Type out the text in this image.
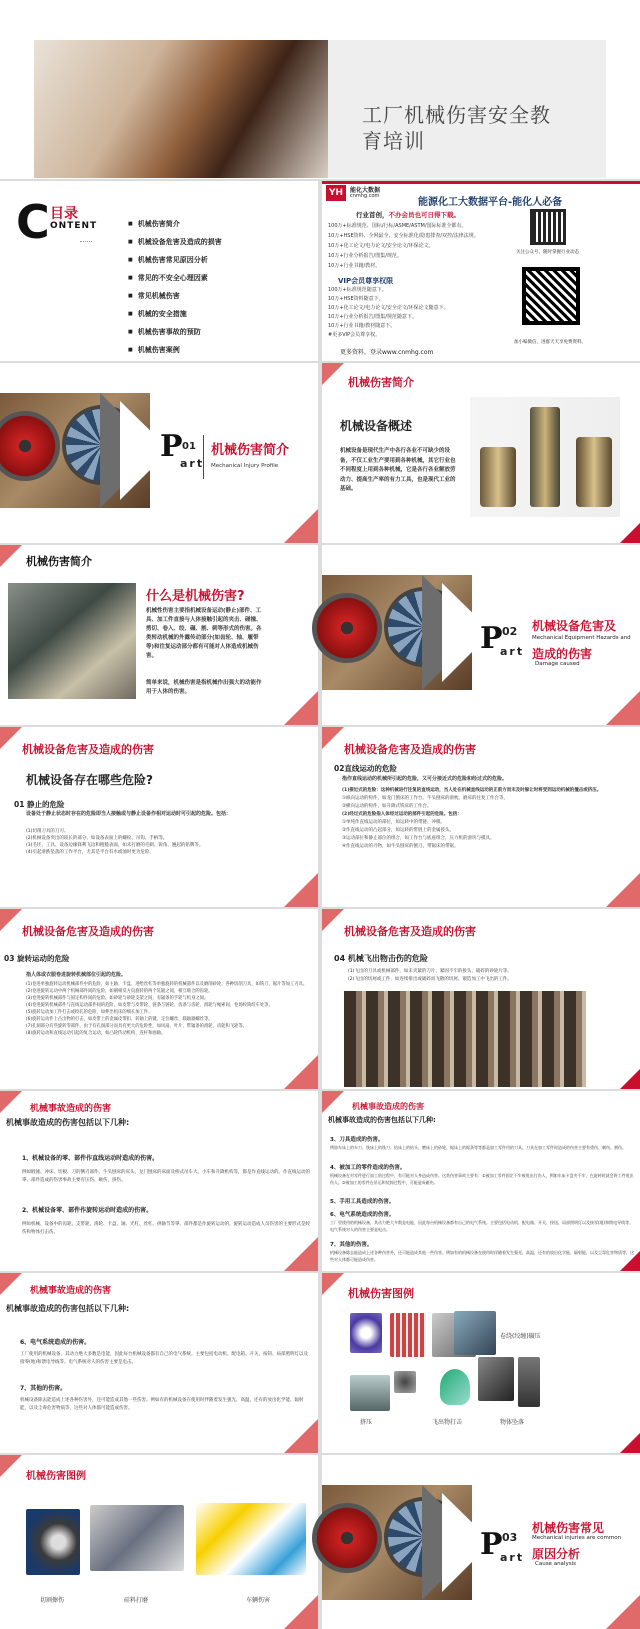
工厂机械伤害安全教育培训
C 目录
ONTENT
■	机械伤害简介
■ 机械设备危害及造成的损害
■ 机械伤害常见原因分析
■ 常见的不安全心理因素
■ 常见机械伤害
■ 机械的安全措施
■ 机械伤害事故的预防
■ 机械伤害案例
■
YH	能化大数据
cnmhg.com
能源化工大数据平台-能化人必备
行业首创，不办会员也可日得下载。
100万+标准规范、国标/行标/ASME/ASTM/国际标准全都有。
10万+HSE资料、全网最全、安全标准化/隐患排查/双控/法律法规。
10万+化工论文/电力论文/安全论文/环保论文。
10万+行业分析报告/图集/规范。
10万+行业书籍/教材。
VIP会员尊享权限
100万+标准规范随意下。
10万+HSE资料随意下。
10万+化工论文/电力论文/安全论文/环保论文随意下。
10万+行业分析报告/图集/规范随意下。
10万+行业书籍/教材随意下。
#更多VIP会员尊享权。
更多资料，登录www.cnmhg.com
关注公众号，随时掌握行业动态
加小编微信，进群天天享免费资料。
P 01
art
机械伤害简介
Mechanical Injury Profile
机械伤害简介
机械设备概述
机械设备是现代生产中各行各业不可缺少的设备，不仅工业生产要用到各种机械，其它行业也不同程度上用到各种机械，它是各行各业解放劳动力、提高生产率的有力工具，也是现代工业的基础。
机械伤害简介
什么是机械伤害?
机械性伤害主要指机械设备运动(静止)部件、工具、加工件直接与人体接触引起的夹击、碰撞、剪切、卷入、绞、碾、割、刺等形式的伤害。各类转动机械的外露传动部分(如齿轮、轴、履带等)和往复运动部分都有可能对人体造成机械伤害。
简单来说，机械伤害是指机械作出强大的动能作用于人体的伤害。
P 02
art
机械设备危害及
Mechanical Equipment Hazards and
造成的伤害
Damage caused
机械设备危害及造成的伤害
机械设备存在哪些危险?
01 静止的危险
设备处于静止状态时存在的危险即当人接触或与静止设备作相对运动时可引起的危险。包括：
(1)切削刀具的刀刃。
(2)机械设备突出的较长的部分，如设备表面上的螺栓、吊钩、手柄等。
(3)毛坯、工具、设备边缘锋利飞边和粗糙表面，如未打磨的毛刺、锐角、翘起的铭牌等。
(4)引起滑跌坠落的工作平台，尤其是平台有水或油时更为危险。
机械设备危害及造成的伤害
02直线运动的危险
指作直线运动的机械所引起的危险，又可分接近式的危险和经过式的危险。
(1)接近式的危险：这种机械进行往复的直线运动，当人处在机械直线运动的正前方而未及时躲让时将受到运动机械的撞击或挤压。
①纵向运动的构件，如龙门刨床的工作台、牛头刨床的滑枕、磨床的往复工作台等。
②横向运动的构件，如升降式铣床的工作台。
(2)经过式的危险指人体经过运动的部件引起的危险。包括：
①单纯作直线运动的部位，如运转中的带链、冲模。
②作直线运动的凸起部分，如运转的带链上的金属接头。
③运动部位和静止部位的组合，如工作台与底座组合，压力机的滑块与模具。
④作直线运动的刃物，如牛头刨床的刨刀、带锯床的带锯。
机械设备危害及造成的伤害
03 旋转运动的危险
指人体或衣服卷进旋转机械部位引起的危险。
(1)卷进单独旋转运动机械部件中的危险，如主轴、卡盘、进给丝杠等单独旋转的机械部件以及磨削砂轮、各种切削刀具，如铣刀、锯片等加工刃具。
(2)卷进旋转运动中两个机械部件间的危险，如朝相反方向旋转的两个轧辊之间，相互啮合的齿轮。
(3)卷进旋转机械部件与固定构件间的危险，如砂轮与砂轮支架之间，有辐条的手轮与机身之间。
(4)卷进旋转机械部件与直线运动部件间的危险，如皮带与皮带轮、链条与链轮、齿条与齿轮、滑轮与绳索间、卷场绞筒绞车处等。
(5)旋转运动加工件打击或绞轧的危险，如伸出机床的细长加工件。
(6)旋转运动件上凸出物的打击，如皮带上的金属皮带扣、转轴上的键、定位螺丝、联轴器螺丝等。
(7)孔洞部分有些旋转零部件，由于有孔洞部分而具有更大的危险性，如风扇、叶片、带辐条的滑轮、齿轮和飞轮等。
(8)旋转运动和直线运动引起的复合运动，如凸轮传动机构、连杆和曲轴。
机械设备危害及造成的伤害
04 机械飞出物击伤的危险
(1)飞出的刀具或机械部件，如未夹紧的刀片、紧固不牢的接头、破碎的砂轮片等。
(2)飞出的切屑或工件，如连续排出或破碎而飞散的切屑、锻造加工中飞出的工件。
机械事故造成的伤害
机械事故造成的伤害包括以下几种:
1、机械设备的零、部件作直线运动时造成的伤害。
例如锻锤、冲床、切板、刀的侧刃部件、牛头刨床的床头、龙门刨床的床面及桥式吊车大、小车和升降机构等，都是作直线运动的。作直线运动的零、部件造成的伤害事故主要有压伤、砸伤、挤伤。
2、机械设备零、部件作旋转运动时造成的伤害。
例如机械、设备中的齿轮、支带轮、滑轮、卡盘、轴、光杠、丝杠、供轴节等零、部件都是作旋转运动的。旋转运动造成人员伤害的主要形式是绞伤和物体打击伤。
机械事故造成的伤害
机械事故造成的伤害包括以下几种:
3、刀具造成的伤害。
例如车床上的车刀、铣床上的铣刀、钻床上的钻头、磨床上的砂轮、锯床上的锯条等等都是加工零件用的刀具。刀具在加工零件时造成的伤害主要有烫伤、刺伤、割伤。
4、被加工的零件造成的伤害。
机械设备在对零件进行加工的过程中，有可能对人身造成伤害。这类伤害事故主要有：①被加工零件固定不牢被甩出打伤人，例如车床卡盘夹不牢，在旋转时就会将工件甩出伤人。②被加工的零件在吊运和装卸过程中，可能造成砸伤。
5、手用工具造成的伤害。
6、电气系统造成的伤害。
工厂里使用的机械设备，其动力绝大多数是电能，因此每台机械设备都有自己的电气系统。主要包括电动机、配电箱、开关、按钮、局部照明灯以及接零(地)和馈电导线等。电气系统对人的伤害主要是电击。
7、其他的伤害。
机械设备除去能造成上述各种伤害外，还可能造成其他一些伤害。例如有的机械设备在使用时伴随着发生强光、高温，还有的放出化学能、辐射能，以及尘毒危害物质等，这些对人体都可能造成伤害。
机械事故造成的伤害
机械事故造成的伤害包括以下几种:
6、电气系统造成的伤害。
工厂使用的机械设备，其动力绝大多数是电能，因此每台机械设备都有自己的电气系统。主要包括电动机、配电箱、开关、按钮、局部照明灯以及接零(地)和馈电导线等。电气系统对人的伤害主要是电击。
7、其他的伤害。
机械设备除去能造成上述各种伤害外，还可能造成其他一些伤害。例如有的机械设备在使用时伴随着发生强光、高温，还有的放出化学能、辐射能，以及尘毒危害物质等，这些对人体都可能造成伤害。
机械伤害图例
卷绕(绞缠)碾压
挤压	飞出物打击	物体坠落
机械伤害图例
切割擦伤	硅料打磨	车辆伤害
P 03
art
机械伤害常见
Mechanical injuries are common
原因分析
Cause analysis
